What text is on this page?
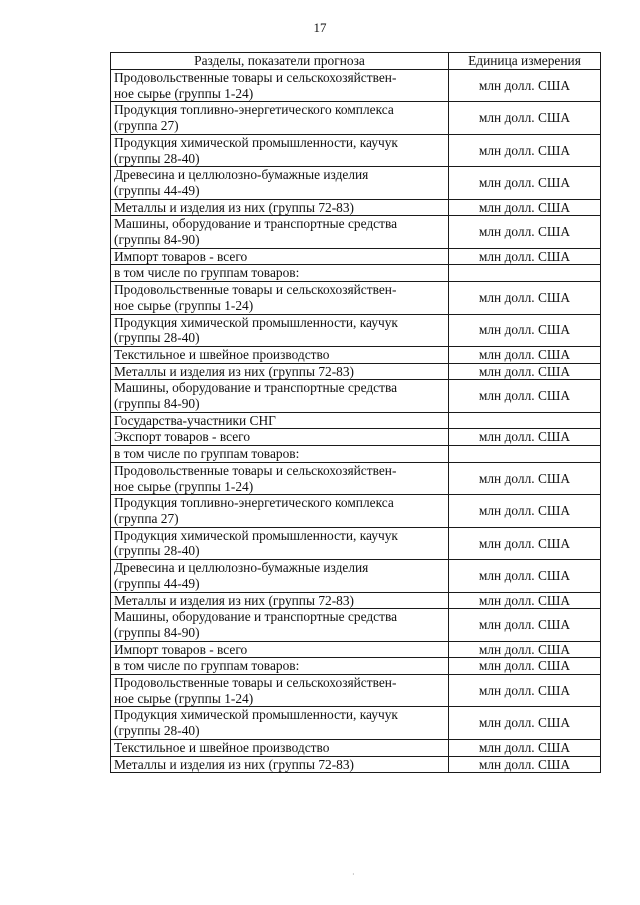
17
Разделы, показатели прогноза	Единица измерения

Продовольственные товары и сельскохозяйствен-
ное сырье (группы 1-24)	млн долл. США

Продукция топливно-энергетического комплекса
(группа 27)	млн долл. США

Продукция химической промышленности, каучук
(группы 28-40)	млн долл. США

Древесина и целлюлозно-бумажные изделия
(группы 44-49)	млн долл. США

Металлы и изделия из них (группы 72-83)	млн долл. США

Машины, оборудование и транспортные средства
(группы 84-90)	млн долл. США

Импорт товаров - всего	млн долл. США

в том числе по группам товаров:	

Продовольственные товары и сельскохозяйствен-
ное сырье (группы 1-24)	млн долл. США

Продукция химической промышленности, каучук
(группы 28-40)	млн долл. США

Текстильное и швейное производство	млн долл. США

Металлы и изделия из них (группы 72-83)	млн долл. США

Машины, оборудование и транспортные средства
(группы 84-90)	млн долл. США

Государства-участники СНГ	

Экспорт товаров - всего	млн долл. США

в том числе по группам товаров:	

Продовольственные товары и сельскохозяйствен-
ное сырье (группы 1-24)	млн долл. США

Продукция топливно-энергетического комплекса
(группа 27)	млн долл. США

Продукция химической промышленности, каучук
(группы 28-40)	млн долл. США

Древесина и целлюлозно-бумажные изделия
(группы 44-49)	млн долл. США

Металлы и изделия из них (группы 72-83)	млн долл. США

Машины, оборудование и транспортные средства
(группы 84-90)	млн долл. США

Импорт товаров - всего	млн долл. США

в том числе по группам товаров:	млн долл. США

Продовольственные товары и сельскохозяйствен-
ное сырье (группы 1-24)	млн долл. США

Продукция химической промышленности, каучук
(группы 28-40)	млн долл. США

Текстильное и швейное производство	млн долл. США

Металлы и изделия из них (группы 72-83)	млн долл. США
·
